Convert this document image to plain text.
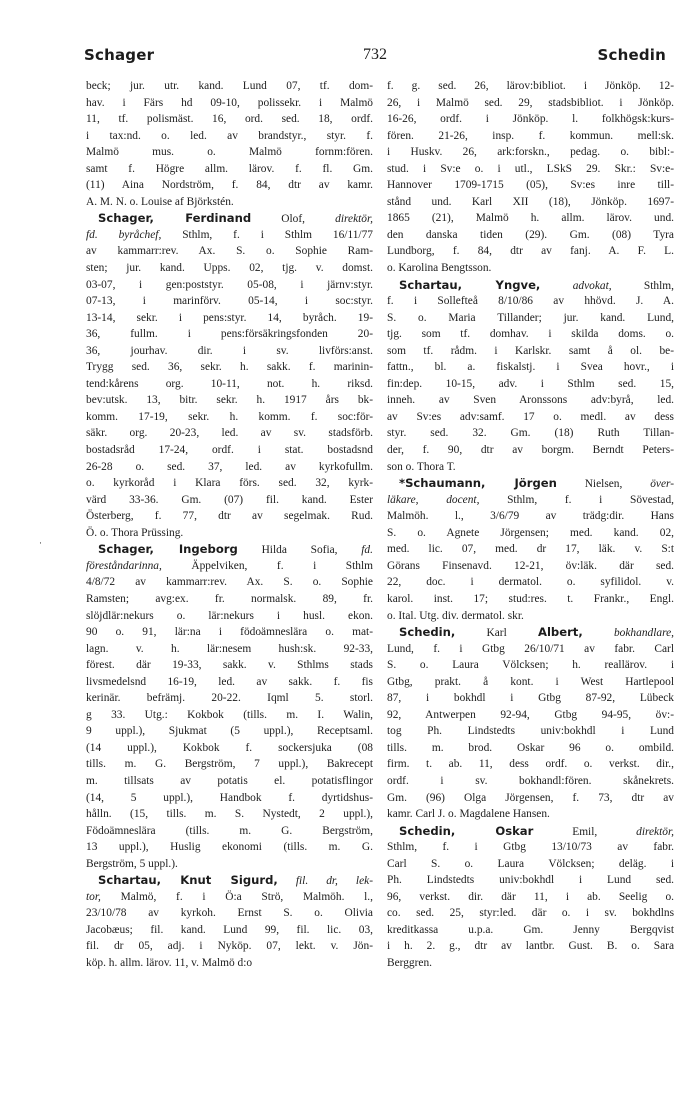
Schager	732	Schedin
·
beck; jur. utr. kand. Lund 07, tf. dom-
hav. i Färs hd 09-10, polissekr. i Malmö
11, tf. polismäst. 16, ord. sed. 18, ordf.
i tax:nd. o. led. av brandstyr., styr. f.
Malmö mus. o. Malmö fornm:fören.
samt f. Högre allm. lärov. f. fl. Gm.
(11) Aina Nordström, f. 84, dtr av kamr.
A. M. N. o. Louise af Björkstén.
Schager, Ferdinand Olof, direktör,
fd. byråchef, Sthlm, f. i Sthlm 16/11/77
av kammarr:rev. Ax. S. o. Sophie Ram-
sten; jur. kand. Upps. 02, tjg. v. domst.
03-07, i gen:poststyr. 05-08, i järnv:styr.
07-13, i marinförv. 05-14, i soc:styr.
13-14, sekr. i pens:styr. 14, byråch. 19-
36, fullm. i pens:försäkringsfonden 20-
36, jourhav. dir. i sv. livförs:anst.
Trygg sed. 36, sekr. h. sakk. f. marinin-
tend:kårens org. 10-11, not. h. riksd.
bev:utsk. 13, bitr. sekr. h. 1917 års bk-
komm. 17-19, sekr. h. komm. f. soc:för-
säkr. org. 20-23, led. av sv. stadsförb.
bostadsråd 17-24, ordf. i stat. bostadsnd
26-28 o. sed. 37, led. av kyrkofullm.
o. kyrkoråd i Klara förs. sed. 32, kyrk-
värd 33-36. Gm. (07) fil. kand. Ester
Österberg, f. 77, dtr av segelmak. Rud.
Ö. o. Thora Prüssing.
Schager, Ingeborg Hilda Sofia, fd.
föreståndarinna, Äppelviken, f. i Sthlm
4/8/72 av kammarr:rev. Ax. S. o. Sophie
Ramsten; avg:ex. fr. normalsk. 89, fr.
slöjdlär:nekurs o. lär:nekurs i husl. ekon.
90 o. 91, lär:na i födoämneslära o. mat-
lagn. v. h. lär:nesem hush:sk. 92-33,
förest. där 19-33, sakk. v. Sthlms stads
livsmedelsnd 16-19, led. av sakk. f. fis
kerinär. befrämj. 20-22. Iqml 5. storl.
g 33. Utg.: Kokbok (tills. m. I. Walin,
9 uppl.), Sjukmat (5 uppl.), Receptsaml.
(14 uppl.), Kokbok f. sockersjuka (08
tills. m. G. Bergström, 7 uppl.), Bakrecept
m. tillsats av potatis el. potatisflingor
(14, 5 uppl.), Handbok f. dyrtidshus-
hålln. (15, tills. m. S. Nystedt, 2 uppl.),
Födoämneslära (tills. m. G. Bergström,
13 uppl.), Huslig ekonomi (tills. m. G.
Bergström, 5 uppl.).
Schartau, Knut Sigurd, fil. dr, lek-
tor, Malmö, f. i Ö:a Strö, Malmöh. l.,
23/10/78 av kyrkoh. Ernst S. o. Olivia
Jacobæus; fil. kand. Lund 99, fil. lic. 03,
fil. dr 05, adj. i Nyköp. 07, lekt. v. Jön-
köp. h. allm. lärov. 11, v. Malmö d:o
f. g. sed. 26, lärov:bibliot. i Jönköp. 12-
26, i Malmö sed. 29, stadsbibliot. i Jönköp.
16-26, ordf. i Jönköp. l. folkhögsk:kurs-
fören. 21-26, insp. f. kommun. mell:sk.
i Huskv. 26, ark:forskn., pedag. o. bibl:-
stud. i Sv:e o. i utl., LSkS 29. Skr.: Sv:e-
Hannover 1709-1715 (05), Sv:es inre till-
stånd und. Karl XII (18), Jönköp. 1697-
1865 (21), Malmö h. allm. lärov. und.
den danska tiden (29). Gm. (08) Tyra
Lundborg, f. 84, dtr av fanj. A. F. L.
o. Karolina Bengtsson.
Schartau, Yngve,	advokat, Sthlm,
f. i Sollefteå 8/10/86 av hhövd. J. A.
S. o. Maria Tillander; jur. kand. Lund,
tjg. som tf. domhav. i skilda doms. o.
som tf. rådm. i Karlskr. samt å ol. be-
fattn., bl. a. fiskalstj. i Svea hovr., i
fin:dep. 10-15, adv. i Sthlm sed. 15,
inneh. av Sven Aronssons adv:byrå, led.
av Sv:es adv:samf. 17 o. medl. av dess
styr. sed. 32. Gm. (18) Ruth Tillan-
der, f. 90, dtr av borgm. Berndt Peters-
son o. Thora T.
*Schaumann, Jörgen Nielsen, över-
läkare, docent, Sthlm, f. i Sövestad,
Malmöh. l., 3/6/79 av trädg:dir. Hans
S. o. Agnete Jörgensen; med. kand. 02,
med. lic. 07, med. dr 17, läk. v. S:t
Görans Finsenavd. 12-21, öv:läk. där sed.
22, doc. i dermatol. o. syfilidol. v.
karol. inst. 17; stud:res. t. Frankr., Engl.
o. Ital. Utg. div. dermatol. skr.
Schedin, Karl Albert,	bokhandlare,
Lund, f. i Gtbg 26/10/71 av fabr. Carl
S. o. Laura Völcksen; h. reallärov. i
Gtbg, prakt. å kont. i West Hartlepool
87, i bokhdl i Gtbg 87-92, Lübeck
92, Antwerpen 92-94, Gtbg 94-95, öv:-
tog Ph. Lindstedts univ:bokhdl i Lund
tills. m. brod. Oskar 96 o. ombild.
firm. t. ab. 11, dess ordf. o. verkst. dir.,
ordf. i sv. bokhandl:fören. skånekrets.
Gm. (96) Olga Jörgensen, f. 73, dtr av
kamr. Carl J. o. Magdalene Hansen.
Schedin, Oskar Emil, direktör,
Sthlm, f. i Gtbg 13/10/73 av fabr.
Carl S. o. Laura Völcksen; deläg. i
Ph. Lindstedts univ:bokhdl i Lund sed.
96, verkst. dir. där 11, i ab. Seelig o.
co. sed. 25, styr:led. där o. i sv. bokhdlns
kreditkassa u.p.a. Gm. Jenny Bergqvist
i h. 2. g., dtr av lantbr. Gust. B. o. Sara
Berggren.
